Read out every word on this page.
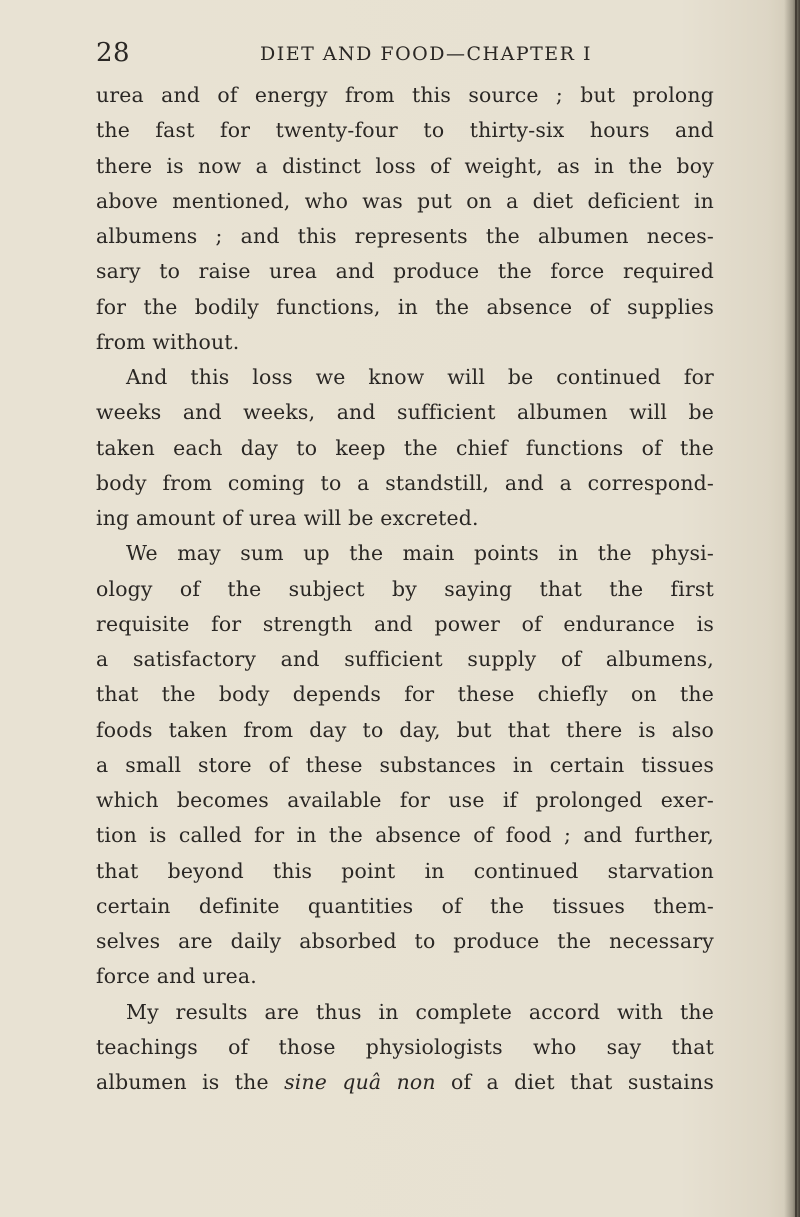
28	DIET AND FOOD—CHAPTER I
urea and of energy from this source ; but prolong
the fast for twenty-four to thirty-six hours and
there is now a distinct loss of weight, as in the boy
above mentioned, who was put on a diet deficient in
albumens ; and this represents the albumen neces-
sary to raise urea and produce the force required
for the bodily functions, in the absence of supplies
from without.
And this loss we know will be continued for
weeks and weeks, and sufficient albumen will be
taken each day to keep the chief functions of the
body from coming to a standstill, and a correspond-
ing amount of urea will be excreted.
We may sum up the main points in the physi-
ology of the subject by saying that the first
requisite for strength and power of endurance is
a satisfactory and sufficient supply of albumens,
that the body depends for these chiefly on the
foods taken from day to day, but that there is also
a small store of these substances in certain tissues
which becomes available for use if prolonged exer-
tion is called for in the absence of food ; and further,
that beyond this point in continued starvation
certain definite quantities of the tissues them-
selves are daily absorbed to produce the necessary
force and urea.
My results are thus in complete accord with the
teachings of those physiologists who say that
albumen is the sine quâ non of a diet that sustains
